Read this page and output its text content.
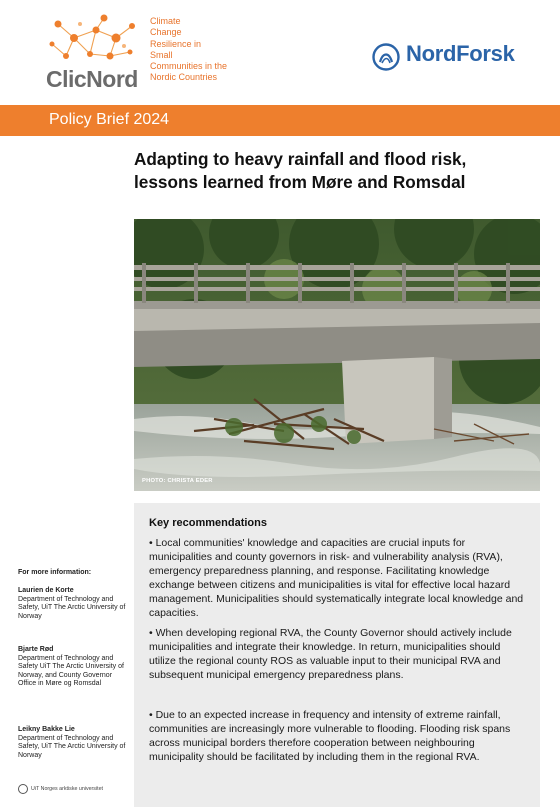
ClicNord
Climate
Change
Resilience in
Small
Communities in the
Nordic Countries
NordForsk
Policy Brief 2024
Adapting to heavy rainfall and flood risk, lessons learned from Møre and Romsdal
PHOTO: CHRISTA EDER
Key recommendations
• Local communities' knowledge and capacities are crucial inputs for municipalities and county governors in risk- and vulnerability analysis (RVA), emergency preparedness planning, and response. Facilitating knowledge exchange between citizens and municipalities is vital for effective local hazard management. Municipalities should systematically integrate local knowledge and capacities.
• When developing regional RVA, the County Governor should actively include municipalities and integrate their knowledge. In return, municipalities should utilize the regional county ROS as valuable input to their municipal RVA and subsequent municipal emergency preparedness plans.
• Due to an expected increase in frequency and intensity of extreme rainfall, communities are increasingly more vulnerable to flooding. Flooding risk spans across municipal borders therefore cooperation between neighbouring municipality should be facilitated by including them in the regional RVA.
For more information:
Laurien de Korte
Department of Technology and Safety, UiT The Arctic University of Norway
Bjarte Rød
Department of Technology and Safety UiT The Arctic University of Norway, and County Governor Office in Møre og Romsdal
Leikny Bakke Lie
Department of Technology and Safety, UiT The Arctic University of Norway
UiT Norges arktiske universitet
